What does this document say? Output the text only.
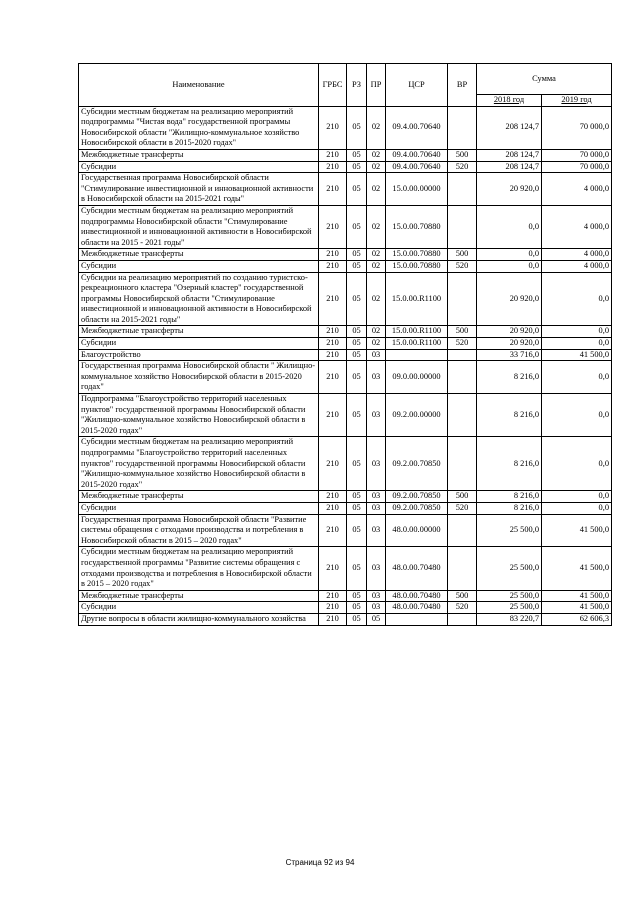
Наименование	ГРБС	РЗ	ПР	ЦСР	ВР	Сумма	
						2018 год	2019 год
Субсидии местным бюджетам на реализацию мероприятий подпрограммы "Чистая вода" государственной программы Новосибирской области "Жилищно-коммунальное хозяйство Новосибирской области в 2015-2020 годах"	210	05	02	09.4.00.70640		208 124,7	70 000,0
Межбюджетные трансферты	210	05	02	09.4.00.70640	500	208 124,7	70 000,0
Субсидии	210	05	02	09.4.00.70640	520	208 124,7	70 000,0
Государственная программа Новосибирской области "Стимулирование инвестиционной и инновационной активности в Новосибирской области на 2015-2021 годы"	210	05	02	15.0.00.00000		20 920,0	4 000,0
Субсидии местным бюджетам на реализацию мероприятий подпрограммы Новосибирской области "Стимулирование инвестиционной и инновационной активности в Новосибирской области на 2015 - 2021 годы"	210	05	02	15.0.00.70880		0,0	4 000,0
Межбюджетные трансферты	210	05	02	15.0.00.70880	500	0,0	4 000,0
Субсидии	210	05	02	15.0.00.70880	520	0,0	4 000,0
Субсидии на реализацию мероприятий по созданию туристско-рекреационного кластера "Озерный кластер" государственной программы Новосибирской области "Стимулирование инвестиционной и инновационной активности в Новосибирской области на 2015-2021 годы"	210	05	02	15.0.00.R1100		20 920,0	0,0
Межбюджетные трансферты	210	05	02	15.0.00.R1100	500	20 920,0	0,0
Субсидии	210	05	02	15.0.00.R1100	520	20 920,0	0,0
Благоустройство	210	05	03			33 716,0	41 500,0
Государственная программа Новосибирской области " Жилищно-коммунальное хозяйство Новосибирской области в 2015-2020 годах"	210	05	03	09.0.00.00000		8 216,0	0,0
Подпрограмма "Благоустройство территорий населенных пунктов" государственной программы Новосибирской области "Жилищно-коммунальное хозяйство Новосибирской области в 2015-2020 годах"	210	05	03	09.2.00.00000		8 216,0	0,0
Субсидии местным бюджетам на реализацию мероприятий подпрограммы "Благоустройство территорий населенных пунктов" государственной программы Новосибирской области "Жилищно-коммунальное хозяйство Новосибирской области в 2015-2020 годах"	210	05	03	09.2.00.70850		8 216,0	0,0
Межбюджетные трансферты	210	05	03	09.2.00.70850	500	8 216,0	0,0
Субсидии	210	05	03	09.2.00.70850	520	8 216,0	0,0
Государственная программа Новосибирской области "Развитие системы обращения с отходами производства и потребления в Новосибирской области в 2015 – 2020 годах"	210	05	03	48.0.00.00000		25 500,0	41 500,0
Субсидии местным бюджетам на реализацию мероприятий государственной программы "Развитие системы обращения с отходами производства и потребления в Новосибирской области в 2015 – 2020 годах"	210	05	03	48.0.00.70480		25 500,0	41 500,0
Межбюджетные трансферты	210	05	03	48.0.00.70480	500	25 500,0	41 500,0
Субсидии	210	05	03	48.0.00.70480	520	25 500,0	41 500,0
Другие вопросы в области жилищно-коммунального хозяйства	210	05	05			83 220,7	62 606,3
Страница 92 из 94
